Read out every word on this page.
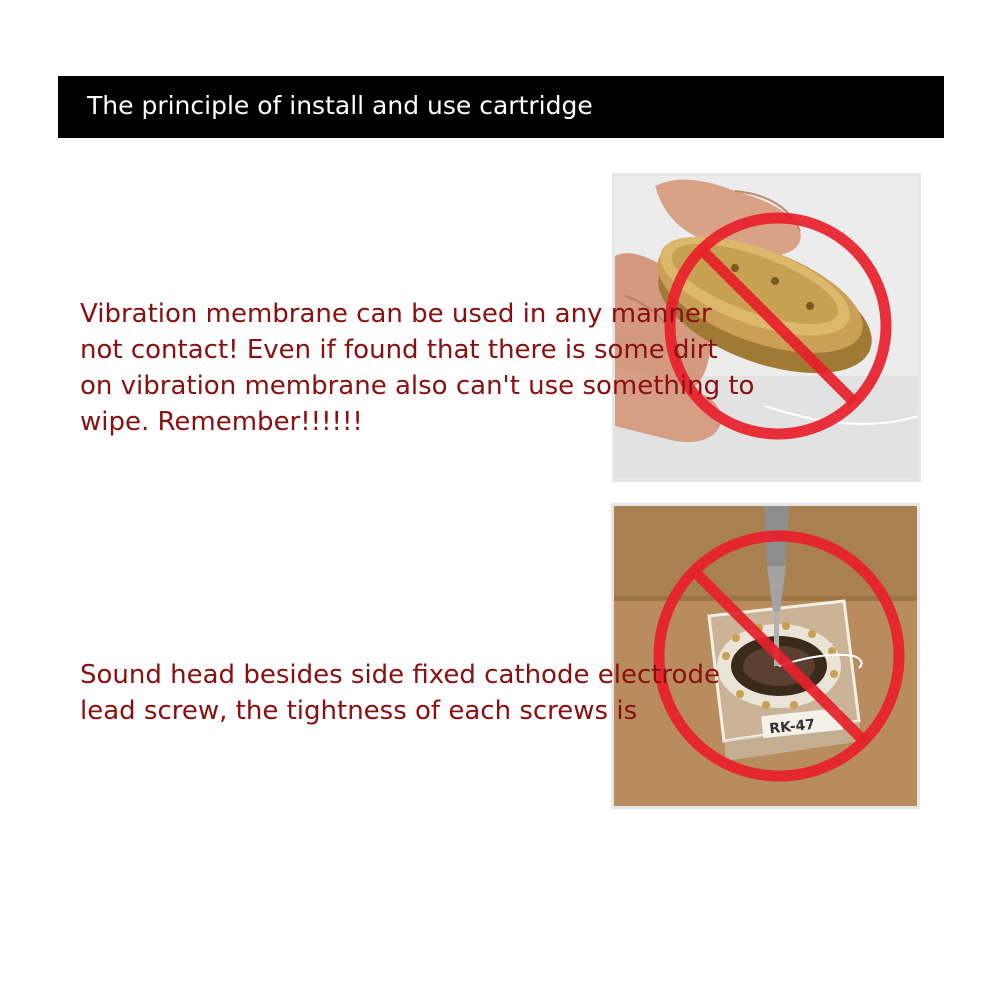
The principle of install and use cartridge
RK-47

Vibration membrane can be used in any manner
not contact! Even if found that there is some dirt
on vibration membrane also can't use something to
wipe. Remember!!!!!!

Sound head besides side fixed cathode electrode
lead screw, the tightness of each screws is
